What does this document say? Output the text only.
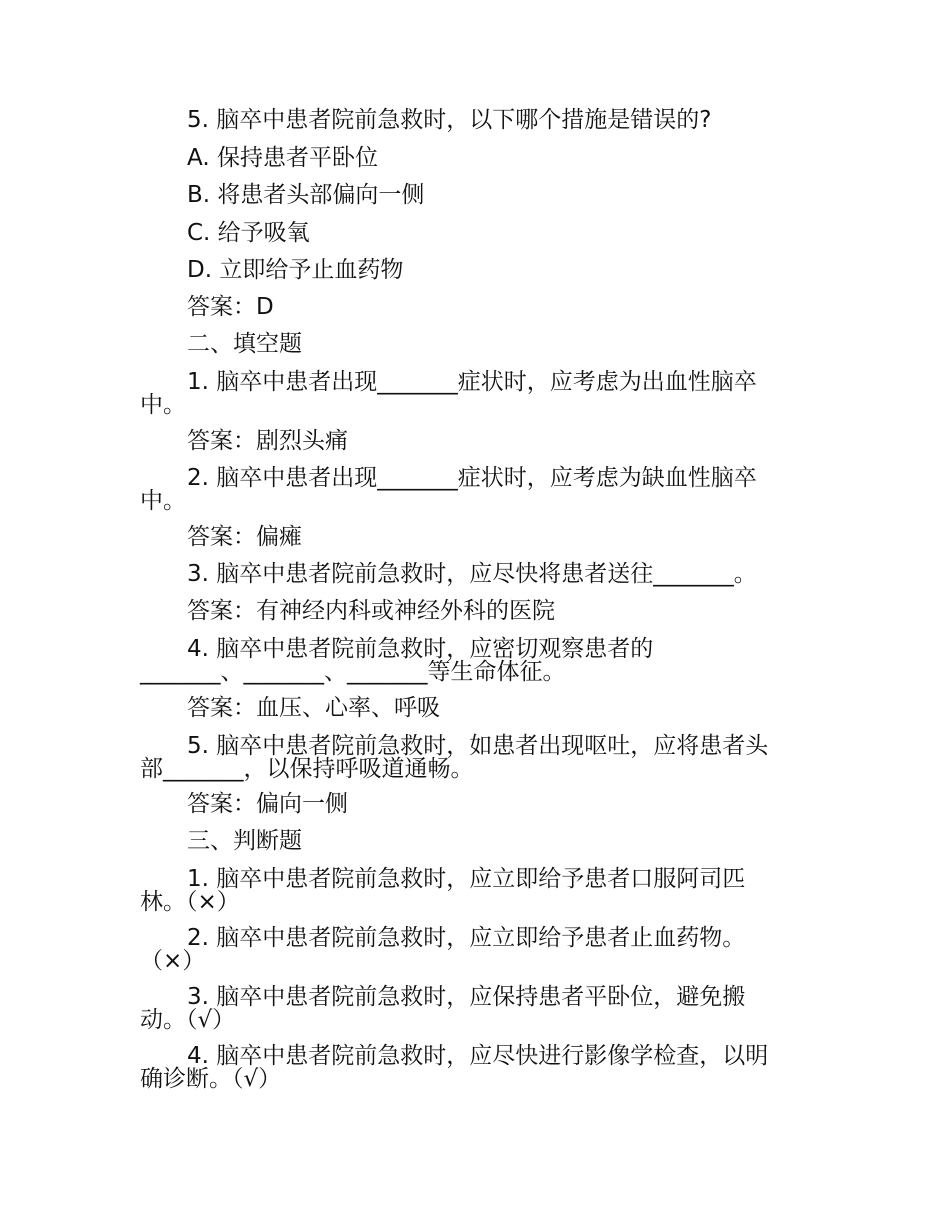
5. 脑卒中患者院前急救时，以下哪个措施是错误的?
A. 保持患者平卧位
B. 将患者头部偏向一侧
C. 给予吸氧
D. 立即给予止血药物
答案：D
二、填空题
1. 脑卒中患者出现_______症状时，应考虑为出血性脑卒
中。
答案：剧烈头痛
2. 脑卒中患者出现_______症状时，应考虑为缺血性脑卒
中。
答案：偏瘫
3. 脑卒中患者院前急救时，应尽快将患者送往_______。
答案：有神经内科或神经外科的医院
4. 脑卒中患者院前急救时，应密切观察患者的
_______、_______、_______等生命体征。
答案：血压、心率、呼吸
5. 脑卒中患者院前急救时，如患者出现呕吐，应将患者头
部_______，以保持呼吸道通畅。
答案：偏向一侧
三、判断题
1. 脑卒中患者院前急救时，应立即给予患者口服阿司匹
林。（×）
2. 脑卒中患者院前急救时，应立即给予患者止血药物。
（×）
3. 脑卒中患者院前急救时，应保持患者平卧位，避免搬
动。（√）
4. 脑卒中患者院前急救时，应尽快进行影像学检查，以明
确诊断。（√）
